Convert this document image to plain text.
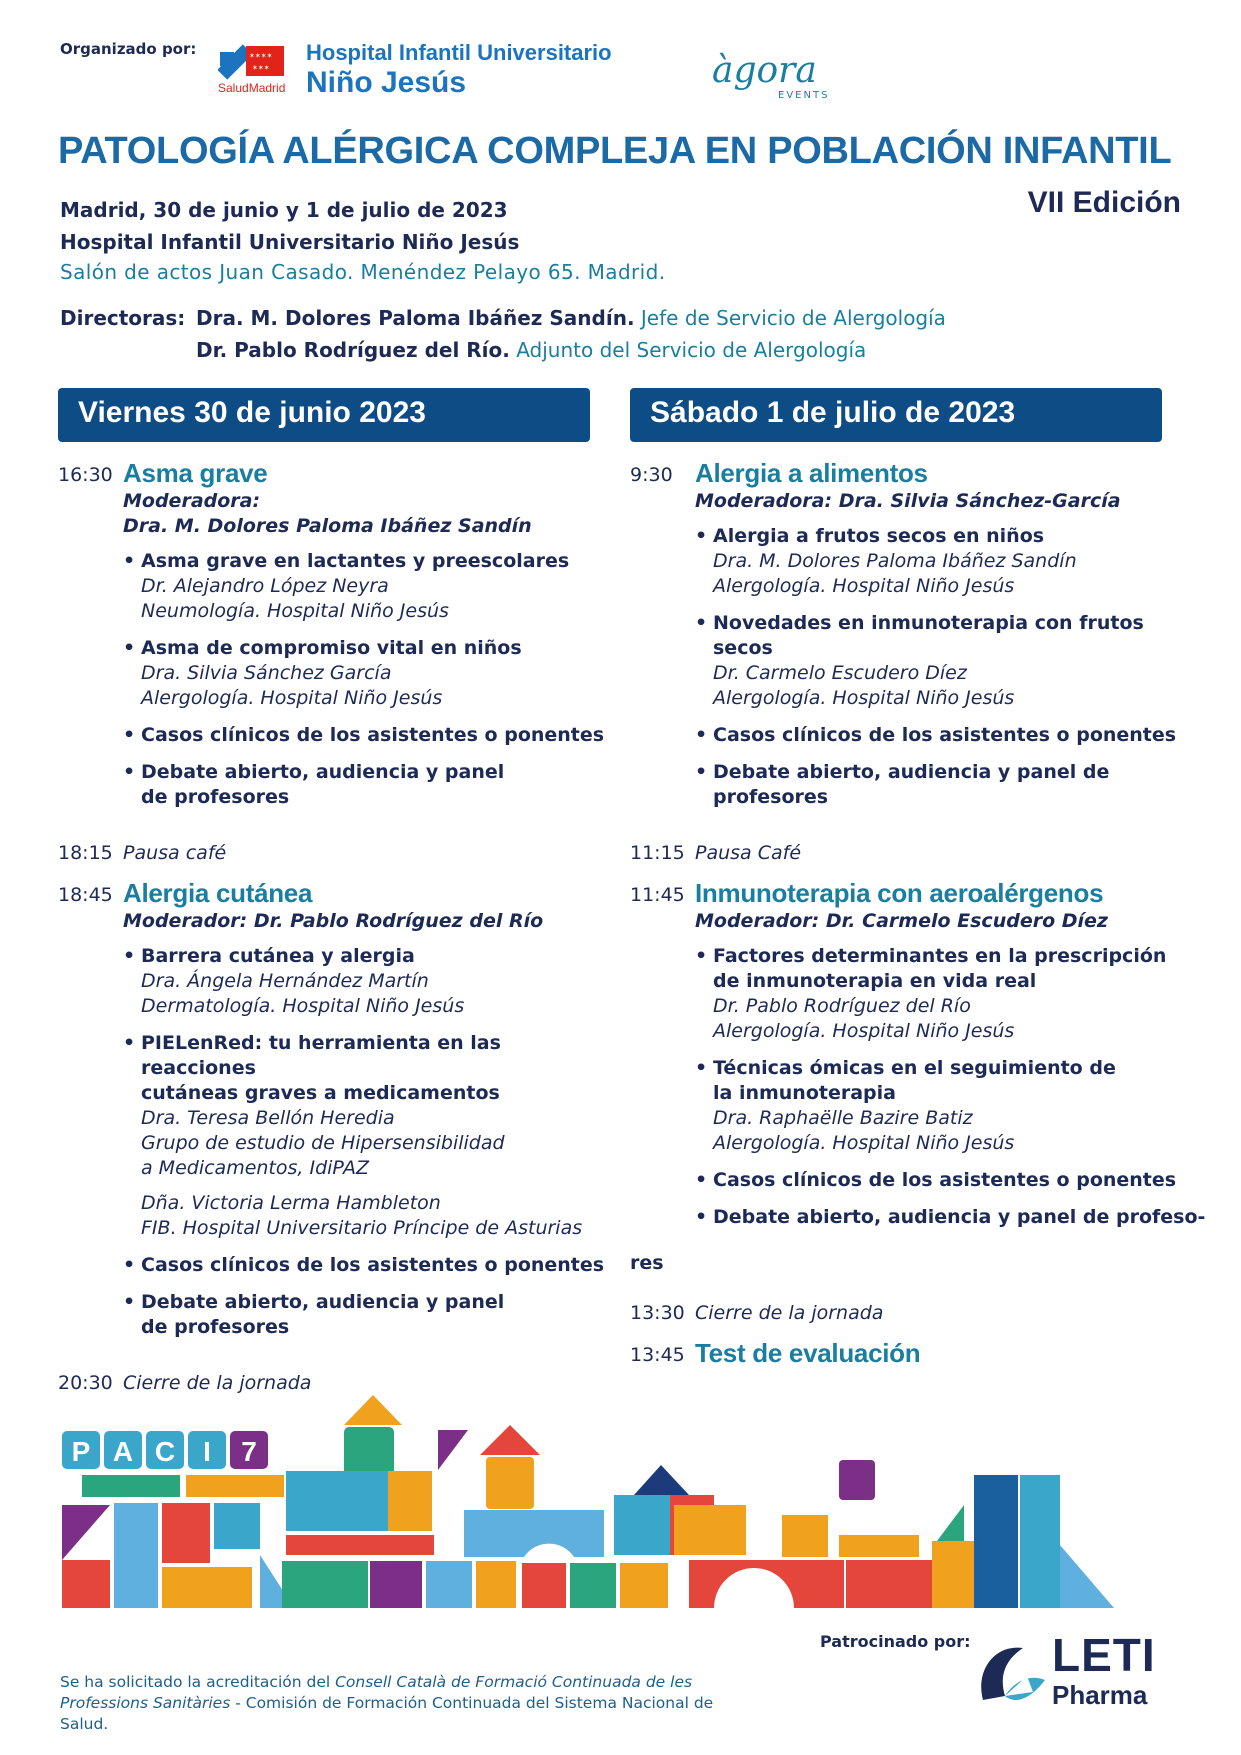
Organizado por:	✶✶✶✶
✶✶✶
SaludMadrid
Hospital Infantil Universitario
Niño Jesús	àgora
EVENTS
PATOLOGÍA ALÉRGICA COMPLEJA EN POBLACIÓN INFANTIL
VII Edición
Madrid, 30 de junio y 1 de julio de 2023
Hospital Infantil Universitario Niño Jesús
Salón de actos Juan Casado. Menéndez Pelayo 65. Madrid.
Directoras: Dra. M. Dolores Paloma Ibáñez Sandín. Jefe de Servicio de Alergología
Dr. Pablo Rodríguez del Río. Adjunto del Servicio de Alergología
Viernes 30 de junio 2023	Sábado 1 de julio de 2023
16:30 Asma grave
Moderadora:
Dra. M. Dolores Paloma Ibáñez Sandín
• Asma grave en lactantes y preescolares
Dr. Alejandro López Neyra
Neumología. Hospital Niño Jesús
• Asma de compromiso vital en niños
Dra. Silvia Sánchez García
Alergología. Hospital Niño Jesús
• Casos clínicos de los asistentes o ponentes
• Debate abierto, audiencia y panel
de profesores
18:15 Pausa café
18:45 Alergia cutánea
Moderador: Dr. Pablo Rodríguez del Río
• Barrera cutánea y alergia
Dra. Ángela Hernández Martín
Dermatología. Hospital Niño Jesús
• PIELenRed: tu herramienta en las reacciones
cutáneas graves a medicamentos
Dra. Teresa Bellón Heredia
Grupo de estudio de Hipersensibilidad
a Medicamentos, IdiPAZ
Dña. Victoria Lerma Hambleton
FIB. Hospital Universitario Príncipe de Asturias
• Casos clínicos de los asistentes o ponentes
• Debate abierto, audiencia y panel
de profesores
20:30 Cierre de la jornada
9:30 Alergia a alimentos
Moderadora: Dra. Silvia Sánchez-García
• Alergia a frutos secos en niños
Dra. M. Dolores Paloma Ibáñez Sandín
Alergología. Hospital Niño Jesús
• Novedades en inmunoterapia con frutos secos
Dr. Carmelo Escudero Díez
Alergología. Hospital Niño Jesús
• Casos clínicos de los asistentes o ponentes
• Debate abierto, audiencia y panel de profesores
11:15 Pausa Café
11:45 Inmunoterapia con aeroalérgenos
Moderador: Dr. Carmelo Escudero Díez
• Factores determinantes en la prescripción
de inmunoterapia en vida real
Dr. Pablo Rodríguez del Río
Alergología. Hospital Niño Jesús
• Técnicas ómicas en el seguimiento de
la inmunoterapia
Dra. Raphaëlle Bazire Batiz
Alergología. Hospital Niño Jesús
• Casos clínicos de los asistentes o ponentes
• Debate abierto, audiencia y panel de profeso-
res
13:30 Cierre de la jornada
13:45 Test de evaluación
P A C I 7
Patrocinado por: LETI
Pharma
Se ha solicitado la acreditación del Consell Català de Formació Continuada de les Professions Sanitàries - Comisión de Formación Continuada del Sistema Nacional de Salud.
